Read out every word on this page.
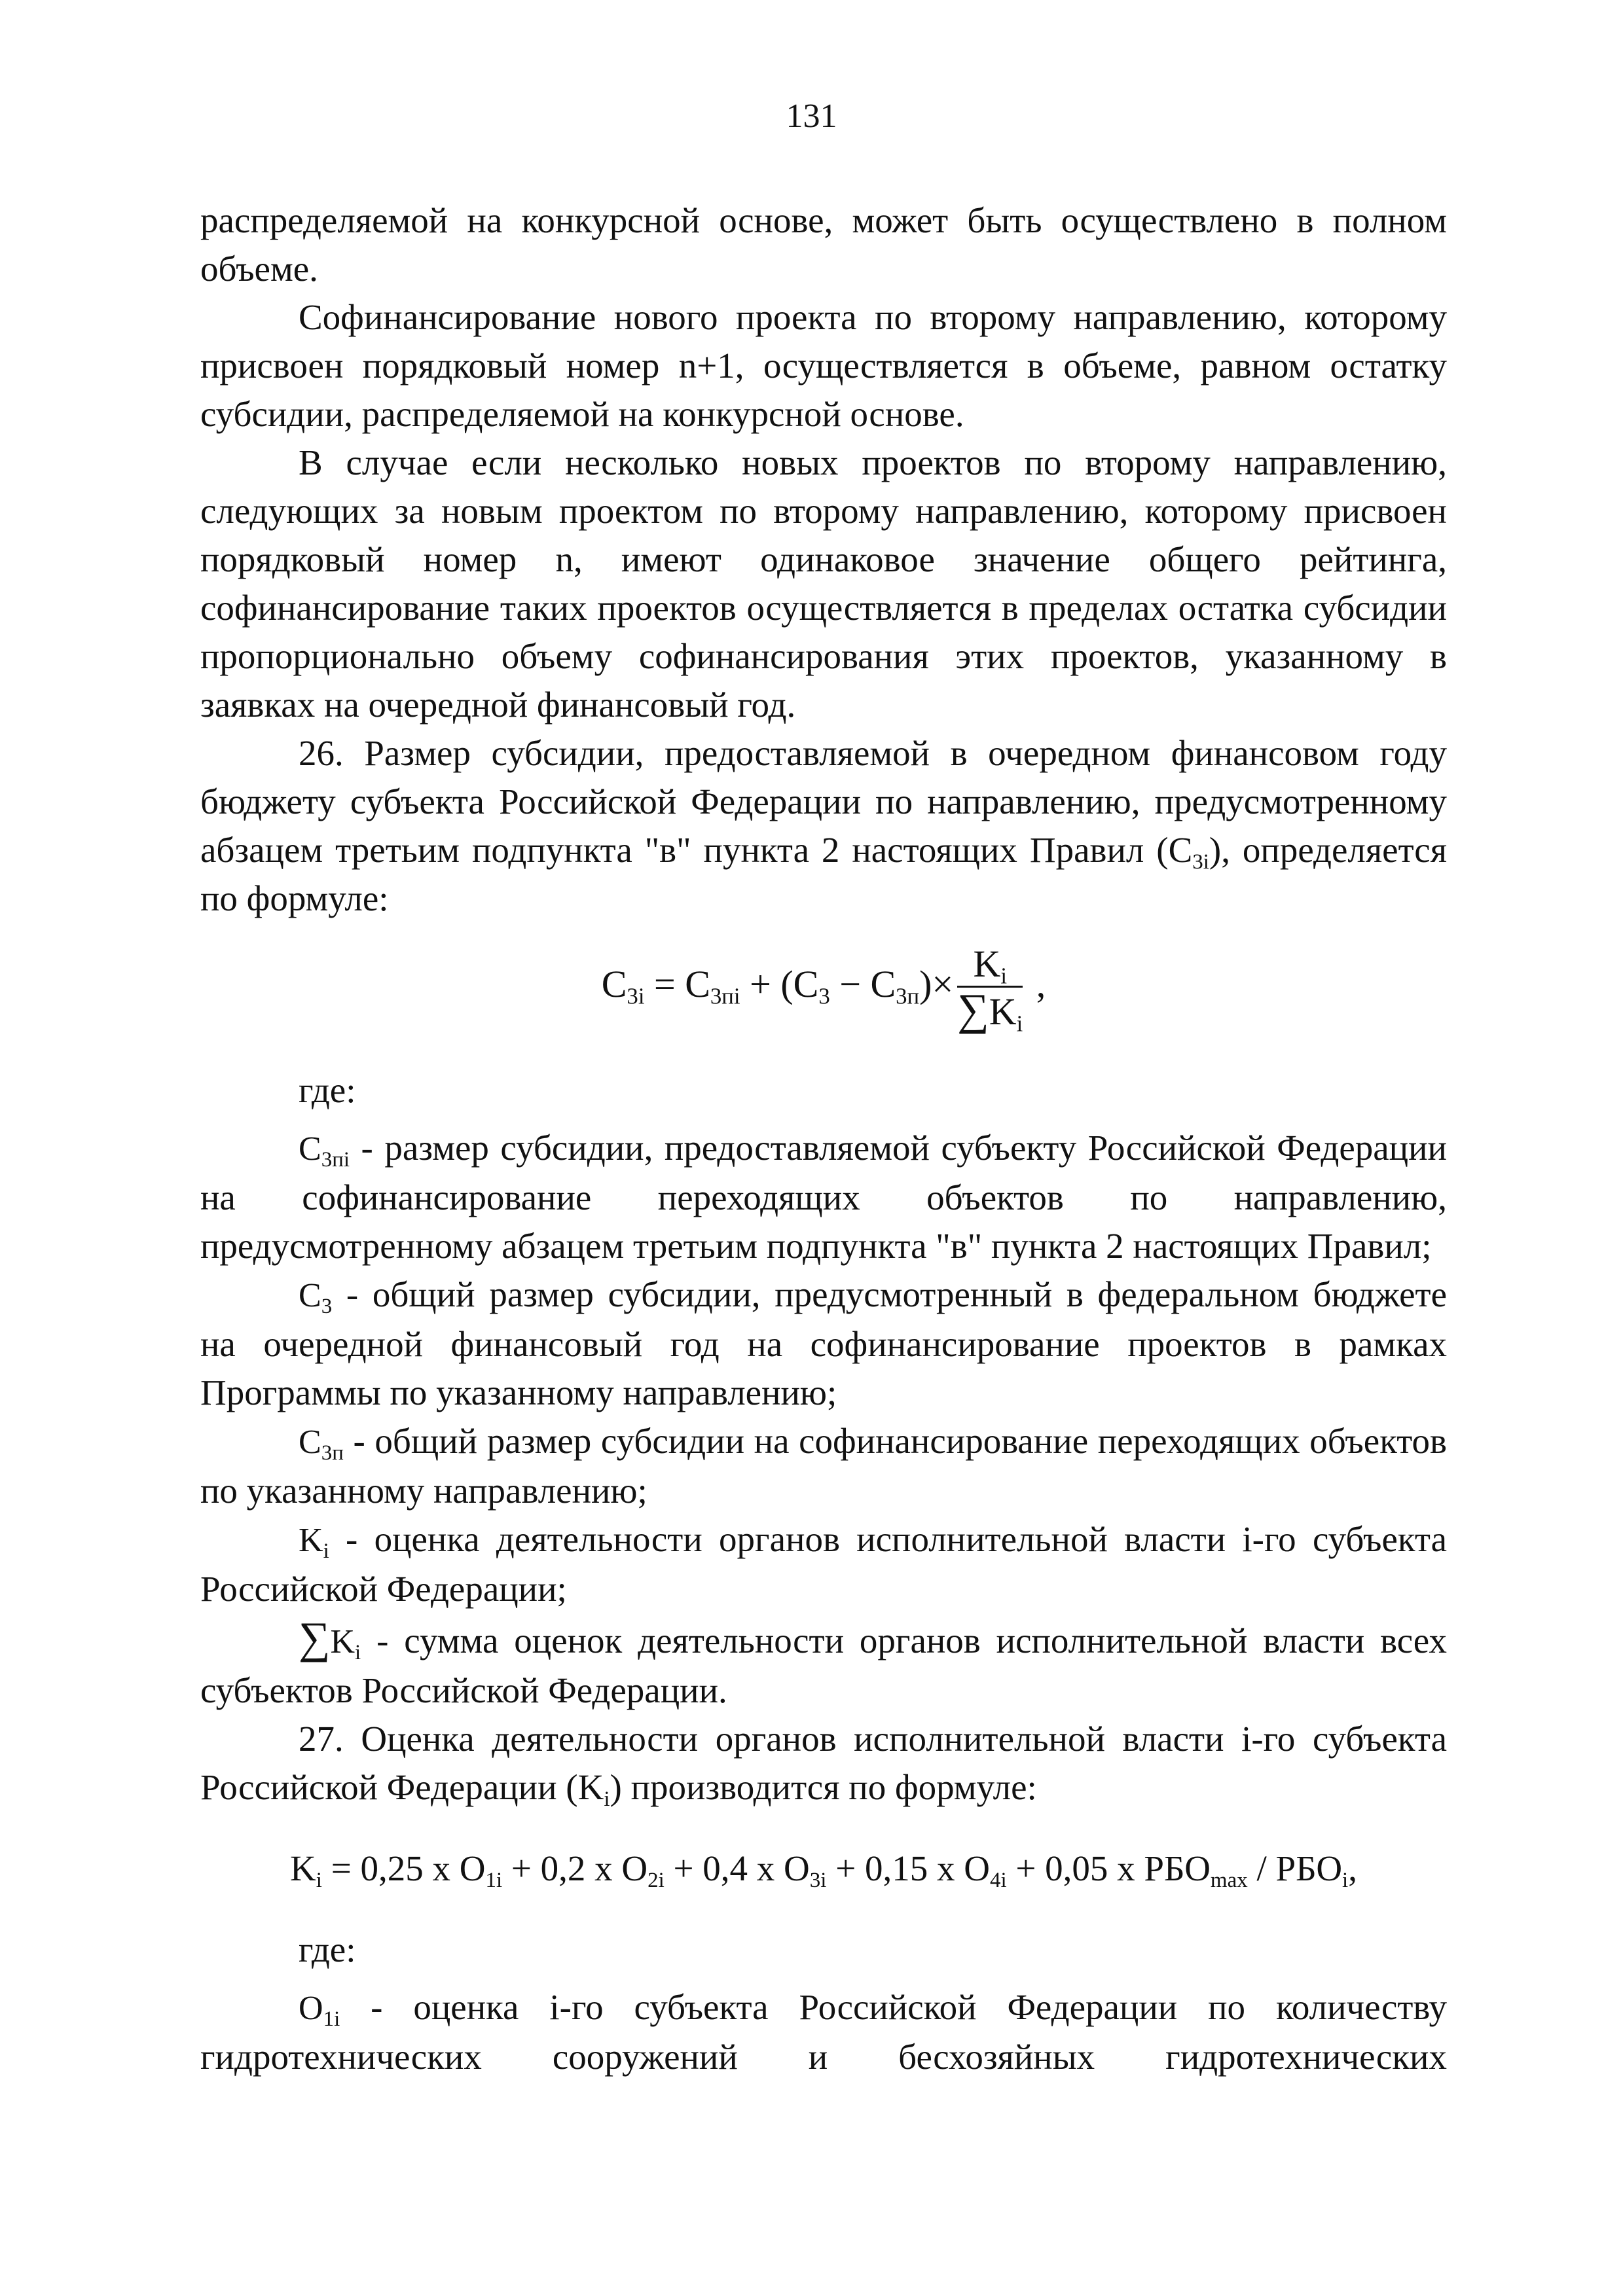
131

распределяемой на конкурсной основе, может быть осуществлено в полном объеме.

Софинансирование нового проекта по второму направлению, которому присвоен порядковый номер n+1, осуществляется в объеме, равном остатку субсидии, распределяемой на конкурсной основе.

В случае если несколько новых проектов по второму направлению, следующих за новым проектом по второму направлению, которому присвоен порядковый номер n, имеют одинаковое значение общего рейтинга, софинансирование таких проектов осуществляется в пределах остатка субсидии пропорционально объему софинансирования этих проектов, указанному в заявках на очередной финансовый год.

26. Размер субсидии, предоставляемой в очередном финансовом году бюджету субъекта Российской Федерации по направлению, предусмотренному абзацем третьим подпункта "в" пункта 2 настоящих Правил $(C_{3i})$, определяется по формуле:

$C_{3i} = C_{3пi} + (C_3 - C_{3п})\times \frac{K_i}{\sum K_i}$ ,

где:

$C_{3пi}$ - размер субсидии, предоставляемой субъекту Российской Федерации на софинансирование переходящих объектов по направлению, предусмотренному абзацем третьим подпункта "в" пункта 2 настоящих Правил;

$C_3$ - общий размер субсидии, предусмотренный в федеральном бюджете на очередной финансовый год на софинансирование проектов в рамках Программы по указанному направлению;

$C_{3п}$ - общий размер субсидии на софинансирование переходящих объектов по указанному направлению;

$K_i$ - оценка деятельности органов исполнительной власти i-го субъекта Российской Федерации;

$\sum K_i$ - сумма оценок деятельности органов исполнительной власти всех субъектов Российской Федерации.

27. Оценка деятельности органов исполнительной власти i-го субъекта Российской Федерации $(K_i)$ производится по формуле:

$K_i = 0,25$ x $O_{1i} + 0,2$ x $O_{2i} + 0,4$ x $O_{3i} + 0,15$ x $O_{4i} + 0,05$ x $РБО_{max} / РБО_i$,

где:

$O_{1i}$ - оценка i-го субъекта Российской Федерации по количеству гидротехнических сооружений и бесхозяйных гидротехнических
